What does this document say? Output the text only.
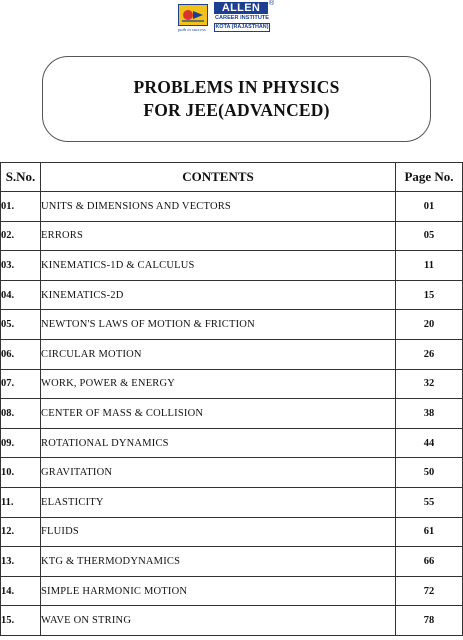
path to success
ALLEN	®
CAREER INSTITUTE
KOTA (RAJASTHAN)
PROBLEMS IN PHYSICS
FOR JEE(ADVANCED)
S.No.	CONTENTS	Page No.
01.	UNITS & DIMENSIONS AND VECTORS	01
02.	ERRORS	05
03.	KINEMATICS-1D & CALCULUS	11
04.	KINEMATICS-2D	15
05.	NEWTON'S LAWS OF MOTION & FRICTION	20
06.	CIRCULAR MOTION	26
07.	WORK, POWER & ENERGY	32
08.	CENTER OF MASS & COLLISION	38
09.	ROTATIONAL DYNAMICS	44
10.	GRAVITATION	50
11.	ELASTICITY	55
12.	FLUIDS	61
13.	KTG & THERMODYNAMICS	66
14.	SIMPLE HARMONIC MOTION	72
15.	WAVE ON STRING	78
